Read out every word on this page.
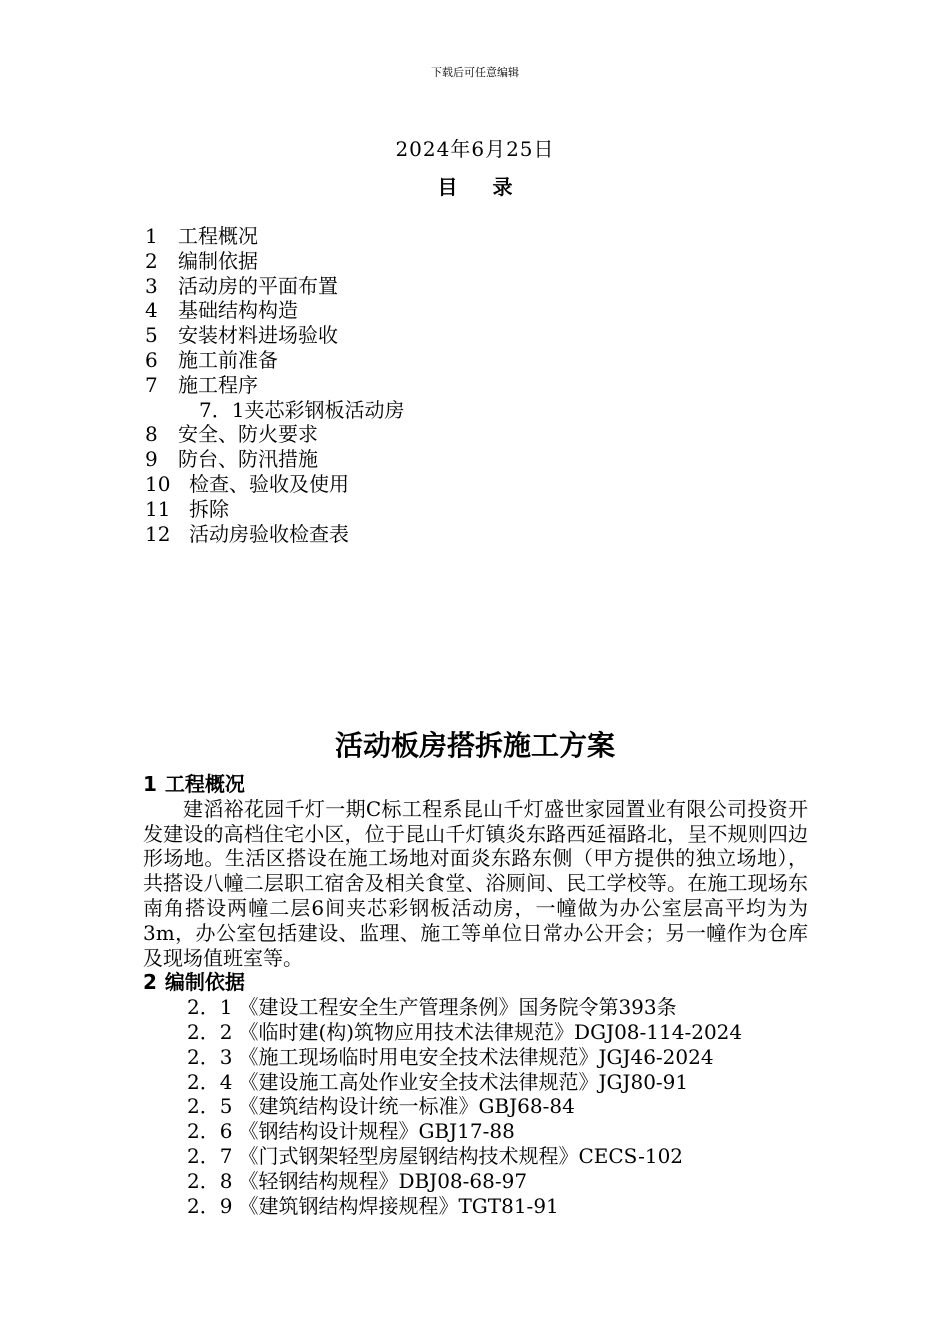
下载后可任意编辑
2024年6月25日
目 录
1 工程概况
2 编制依据
3 活动房的平面布置
4 基础结构构造
5 安装材料进场验收
6 施工前准备
7 施工程序
7．1夹芯彩钢板活动房
8 安全、防火要求
9 防台、防汛措施
10 检查、验收及使用
11 拆除
12 活动房验收检查表
活动板房搭拆施工方案
1 工程概况

建滔裕花园千灯一期C标工程系昆山千灯盛世家园置业有限公司投资开发建设的高档住宅小区，位于昆山千灯镇炎东路西延福路北，呈不规则四边形场地。生活区搭设在施工场地对面炎东路东侧（甲方提供的独立场地），共搭设八幢二层职工宿舍及相关食堂、浴厕间、民工学校等。在施工现场东南角搭设两幢二层6间夹芯彩钢板活动房，一幢做为办公室层高平均为为3m，办公室包括建设、监理、施工等单位日常办公开会；另一幢作为仓库及现场值班室等。

2 编制依据
2．1 《建设工程安全生产管理条例》国务院令第393条
2．2 《临时建(构)筑物应用技术法律规范》DGJ08-114-2024
2．3 《施工现场临时用电安全技术法律规范》JGJ46-2024
2．4 《建设施工高处作业安全技术法律规范》JGJ80-91
2．5 《建筑结构设计统一标准》GBJ68-84
2．6 《钢结构设计规程》GBJ17-88
2．7 《门式钢架轻型房屋钢结构技术规程》CECS-102
2．8 《轻钢结构规程》DBJ08-68-97
2．9 《建筑钢结构焊接规程》TGT81-91
